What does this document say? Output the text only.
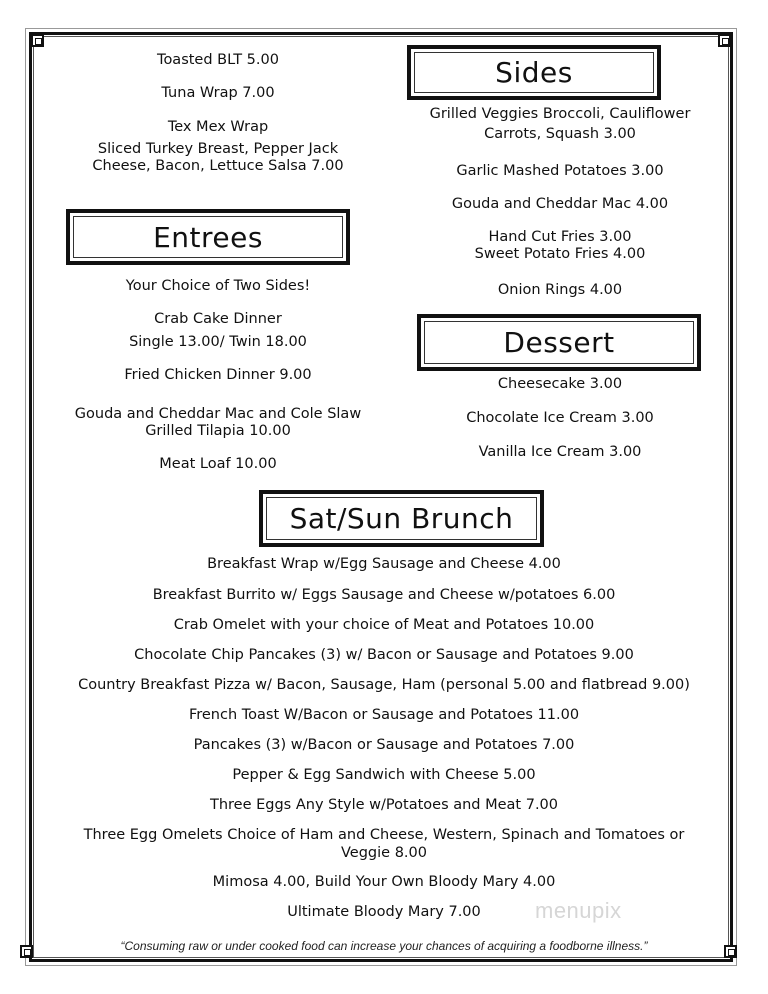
Toasted BLT 5.00
Tuna Wrap 7.00
Tex Mex Wrap
Sliced Turkey Breast, Pepper Jack
Cheese, Bacon, Lettuce Salsa 7.00
Sides
Grilled Veggies Broccoli, Cauliflower
Carrots, Squash 3.00
Garlic Mashed Potatoes 3.00
Gouda and Cheddar Mac 4.00
Hand Cut Fries 3.00
Sweet Potato Fries 4.00
Onion Rings 4.00
Entrees
Your Choice of Two Sides!
Crab Cake Dinner
Single 13.00/ Twin 18.00
Fried Chicken Dinner 9.00
Gouda and Cheddar Mac and Cole Slaw
Grilled Tilapia 10.00
Meat Loaf 10.00
Dessert
Cheesecake 3.00
Chocolate Ice Cream 3.00
Vanilla Ice Cream 3.00
Sat/Sun Brunch
Breakfast Wrap w/Egg Sausage and Cheese 4.00
Breakfast Burrito w/ Eggs Sausage and Cheese w/potatoes 6.00
Crab Omelet with your choice of Meat and Potatoes 10.00
Chocolate Chip Pancakes (3) w/ Bacon or Sausage and Potatoes 9.00
Country Breakfast Pizza w/ Bacon, Sausage, Ham (personal 5.00 and flatbread 9.00)
French Toast W/Bacon or Sausage and Potatoes 11.00
Pancakes (3) w/Bacon or Sausage and Potatoes 7.00
Pepper & Egg Sandwich with Cheese 5.00
Three Eggs Any Style w/Potatoes and Meat 7.00
Three Egg Omelets Choice of Ham and Cheese, Western, Spinach and Tomatoes or
Veggie 8.00
Mimosa 4.00, Build Your Own Bloody Mary 4.00
Ultimate Bloody Mary 7.00	menupix
“Consuming raw or under cooked food can increase your chances of acquiring a foodborne illness.”
